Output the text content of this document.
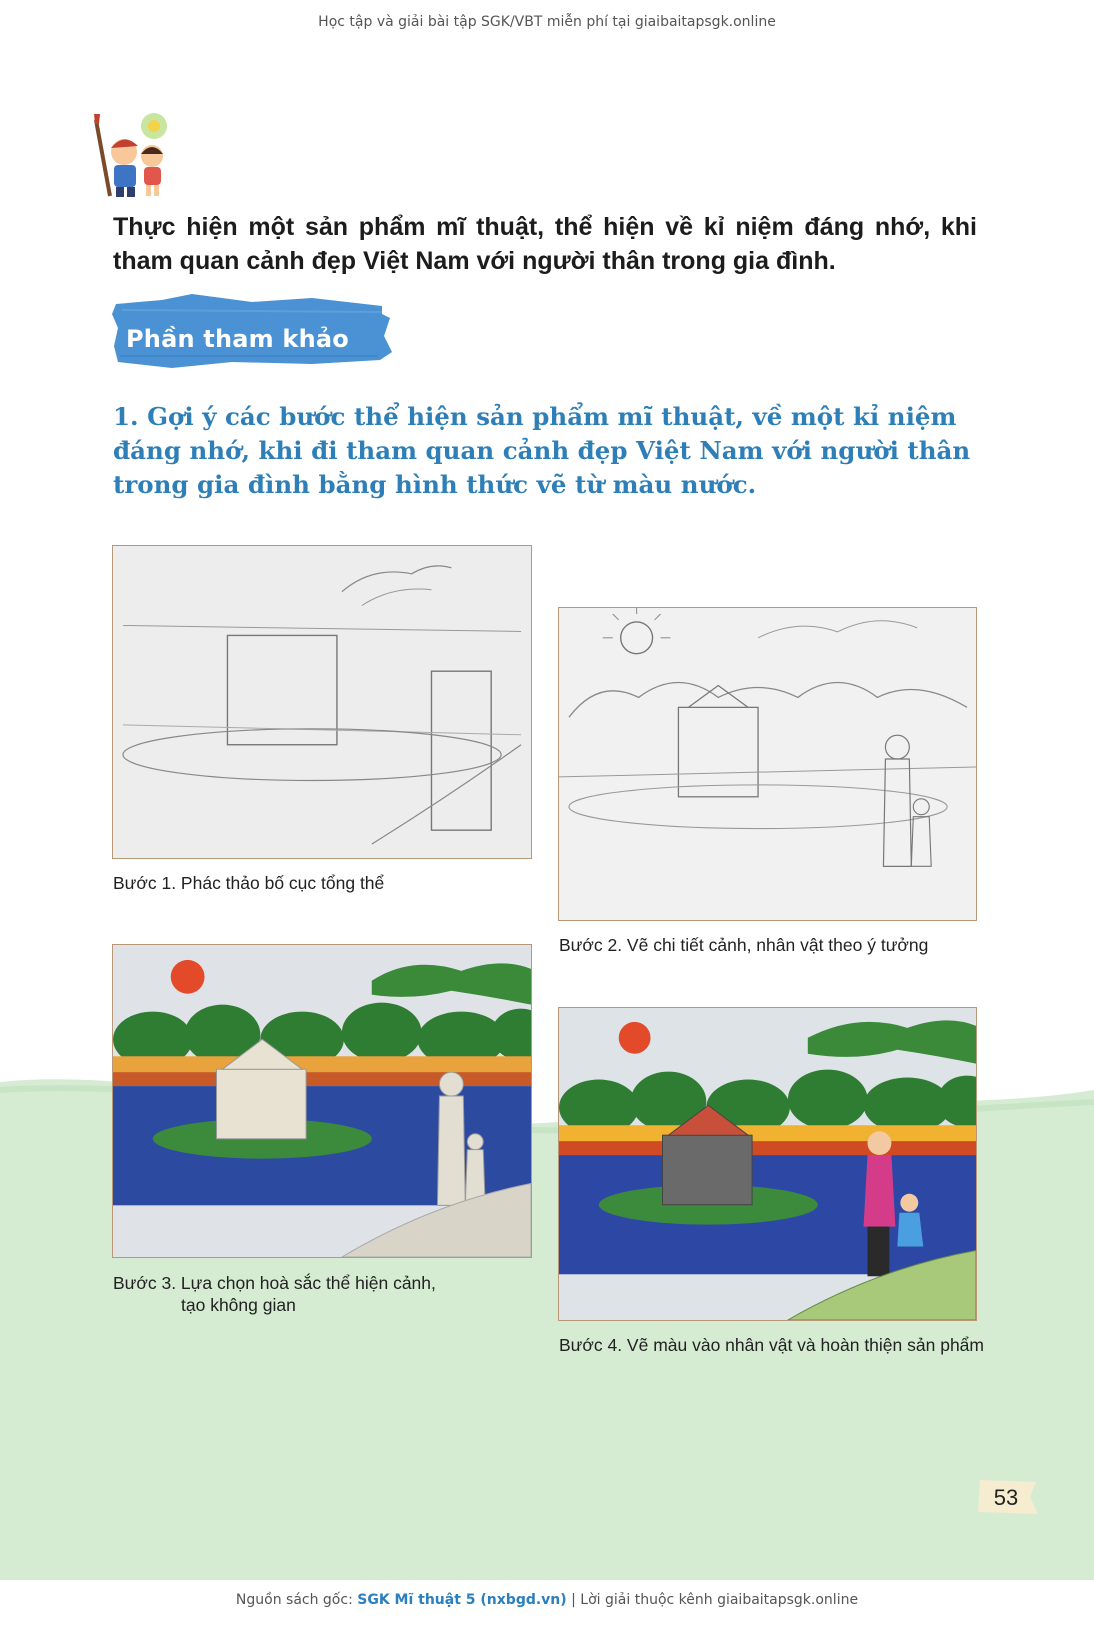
Học tập và giải bài tập SGK/VBT miễn phí tại giaibaitapsgk.online
Thực hiện một sản phẩm mĩ thuật, thể hiện về kỉ niệm đáng nhớ, khi tham quan cảnh đẹp Việt Nam với người thân trong gia đình.
Phần tham khảo
1. Gợi ý các bước thể hiện sản phẩm mĩ thuật, về một kỉ niệm đáng nhớ, khi đi tham quan cảnh đẹp Việt Nam với người thân trong gia đình bằng hình thức vẽ từ màu nước.
Bước 1. Phác thảo bố cục tổng thể
Bước 2. Vẽ chi tiết cảnh, nhân vật theo ý tưởng
Bước 3. Lựa chọn hoà sắc thể hiện cảnh,
tạo không gian
Bước 4. Vẽ màu vào nhân vật và hoàn thiện sản phẩm
53
Nguồn sách gốc: SGK Mĩ thuật 5 (nxbgd.vn) | Lời giải thuộc kênh giaibaitapsgk.online
